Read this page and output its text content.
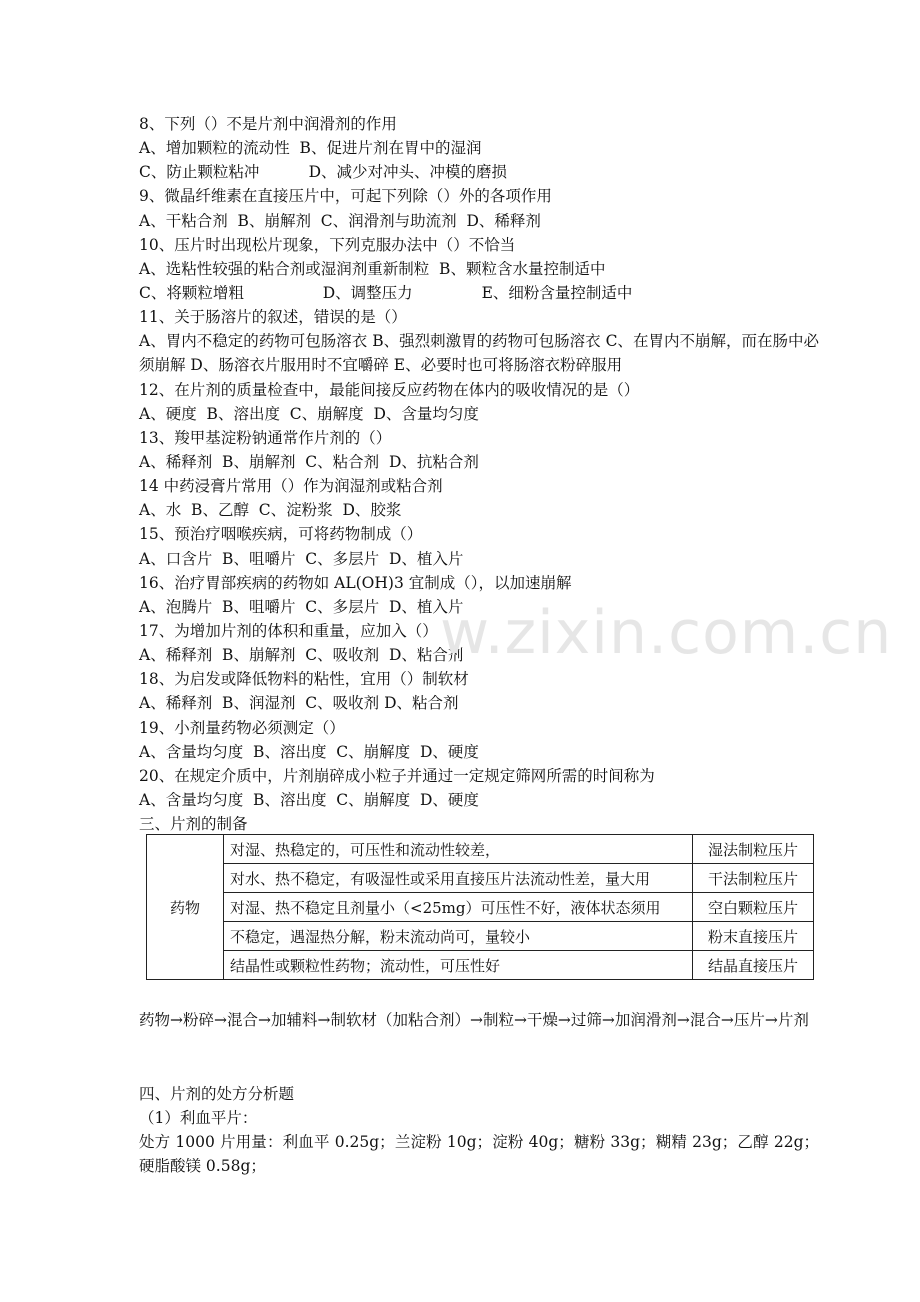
8、下列（）不是片剂中润滑剂的作用
A、增加颗粒的流动性  B、促进片剂在胃中的湿润
C、防止颗粒粘冲          D、减少对冲头、冲模的磨损
9、微晶纤维素在直接压片中，可起下列除（）外的各项作用
A、干粘合剂  B、崩解剂  C、润滑剂与助流剂  D、稀释剂
10、压片时出现松片现象，下列克服办法中（）不恰当
A、选粘性较强的粘合剂或湿润剂重新制粒  B、颗粒含水量控制适中
C、将颗粒增粗                D、调整压力              E、细粉含量控制适中
11、关于肠溶片的叙述，错误的是（）
A、胃内不稳定的药物可包肠溶衣 B、强烈刺激胃的药物可包肠溶衣 C、在胃内不崩解，而在肠中必须崩解 D、肠溶衣片服用时不宜嚼碎 E、必要时也可将肠溶衣粉碎服用
12、在片剂的质量检查中，最能间接反应药物在体内的吸收情况的是（）
A、硬度  B、溶出度  C、崩解度  D、含量均匀度
13、羧甲基淀粉钠通常作片剂的（）
A、稀释剂  B、崩解剂  C、粘合剂  D、抗粘合剂
14 中药浸膏片常用（）作为润湿剂或粘合剂
A、水  B、乙醇  C、淀粉浆  D、胶浆
15、预治疗咽喉疾病，可将药物制成（）
A、口含片  B、咀嚼片  C、多层片  D、植入片
16、治疗胃部疾病的药物如 AL(OH)3 宜制成（），以加速崩解
A、泡腾片  B、咀嚼片  C、多层片  D、植入片
17、为增加片剂的体积和重量，应加入（）
A、稀释剂  B、崩解剂  C、吸收剂  D、粘合剂
18、为启发或降低物料的粘性，宜用（）制软材
A、稀释剂  B、润湿剂  C、吸收剂 D、粘合剂
19、小剂量药物必须测定（）
A、含量均匀度  B、溶出度  C、崩解度  D、硬度
20、在规定介质中，片剂崩碎成小粒子并通过一定规定筛网所需的时间称为
A、含量均匀度  B、溶出度  C、崩解度  D、硬度
三、片剂的制备
w.zixin.com.cn
药物	对湿、热稳定的，可压性和流动性较差，	湿法制粒压片
	对水、热不稳定，有吸湿性或采用直接压片法流动性差，量大用	干法制粒压片
	对湿、热不稳定且剂量小（<25mg）可压性不好，液体状态须用	空白颗粒压片
	不稳定，遇湿热分解，粉末流动尚可，量较小	粉末直接压片
	结晶性或颗粒性药物；流动性，可压性好	结晶直接压片
药物→粉碎→混合→加辅料→制软材（加粘合剂）→制粒→干燥→过筛→加润滑剂→混合→压片→片剂
四、片剂的处方分析题
（1）利血平片：
处方 1000 片用量：利血平 0.25g；兰淀粉 10g；淀粉 40g；糖粉 33g；糊精 23g；乙醇 22g；硬脂酸镁 0.58g；
